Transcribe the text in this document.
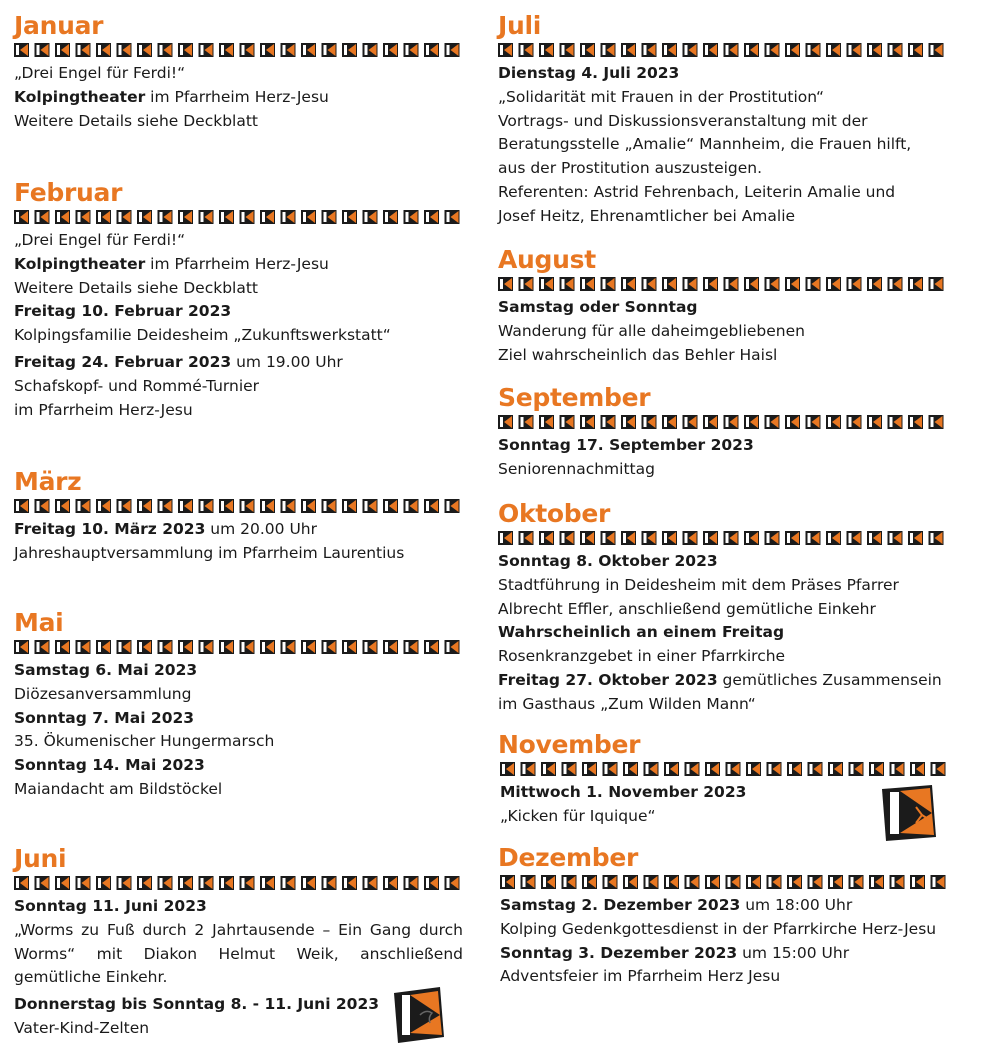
Januar
„Drei Engel für Ferdi!“
Kolpingtheater im Pfarrheim Herz-Jesu
Weitere Details siehe Deckblatt
Februar
„Drei Engel für Ferdi!“
Kolpingtheater im Pfarrheim Herz-Jesu
Weitere Details siehe Deckblatt
Freitag 10. Februar 2023
Kolpingsfamilie Deidesheim „Zukunftswerkstatt“
Freitag 24. Februar 2023 um 19.00 Uhr
Schafskopf- und Rommé-Turnier
im Pfarrheim Herz-Jesu
März
Freitag 10. März 2023 um 20.00 Uhr
Jahreshauptversammlung im Pfarrheim Laurentius
Mai
Samstag 6. Mai 2023
Diözesanversammlung
Sonntag 7. Mai 2023
35. Ökumenischer Hungermarsch
Sonntag 14. Mai 2023
Maiandacht am Bildstöckel
Juni
Sonntag 11. Juni 2023
„Worms zu Fuß durch 2 Jahrtausende – Ein Gang durch Worms“ mit Diakon Helmut Weik, anschließend gemütliche Einkehr.
Donnerstag bis Sonntag 8. - 11. Juni 2023
Vater-Kind-Zelten
Juli
Dienstag 4. Juli 2023
„Solidarität mit Frauen in der Prostitution“
Vortrags- und Diskussionsveranstaltung mit der
Beratungsstelle „Amalie“ Mannheim, die Frauen hilft,
aus der Prostitution auszusteigen.
Referenten: Astrid Fehrenbach, Leiterin Amalie und
Josef Heitz, Ehrenamtlicher bei Amalie
August
Samstag oder Sonntag
Wanderung für alle daheimgebliebenen
Ziel wahrscheinlich das Behler Haisl
September
Sonntag 17. September 2023
Seniorennachmittag
Oktober
Sonntag 8. Oktober 2023
Stadtführung in Deidesheim mit dem Präses Pfarrer
Albrecht Effler, anschließend gemütliche Einkehr
Wahrscheinlich an einem Freitag
Rosenkranzgebet in einer Pfarrkirche
Freitag 27. Oktober 2023 gemütliches Zusammensein
im Gasthaus „Zum Wilden Mann“
November
Mittwoch 1. November 2023
„Kicken für Iquique“
Dezember
Samstag 2. Dezember 2023 um 18:00 Uhr
Kolping Gedenkgottesdienst in der Pfarrkirche Herz-Jesu
Sonntag 3. Dezember 2023 um 15:00 Uhr
Adventsfeier im Pfarrheim Herz Jesu
